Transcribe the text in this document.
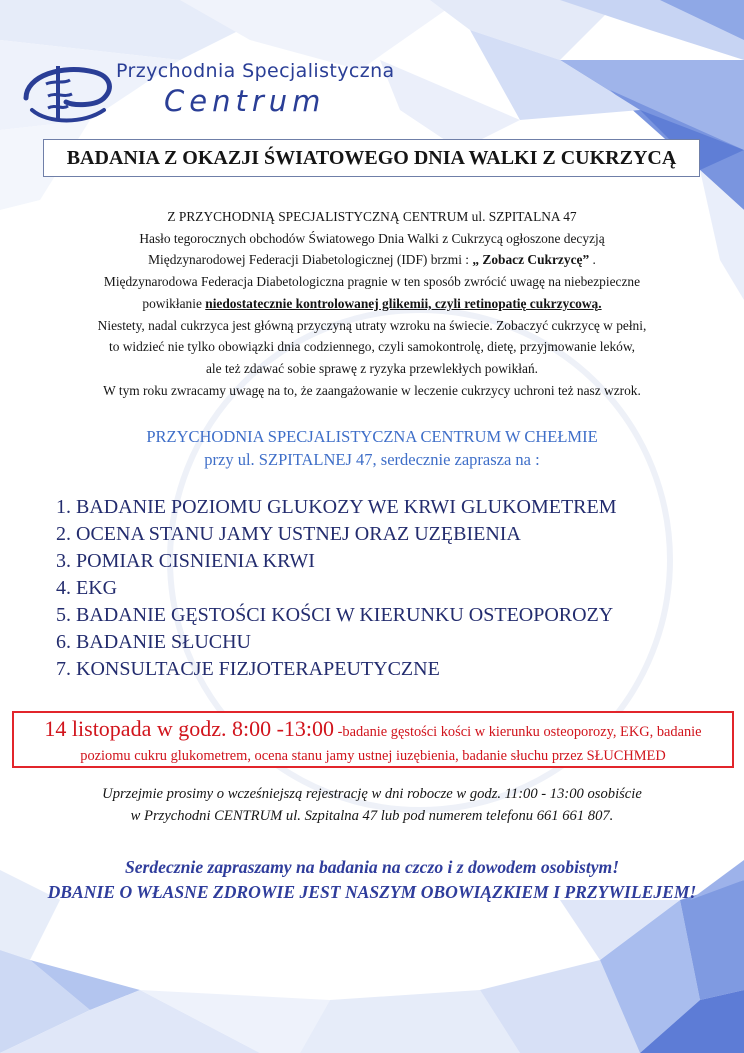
Przychodnia Specjalistyczna
Centrum
BADANIA Z OKAZJI ŚWIATOWEGO DNIA WALKI Z CUKRZYCĄ
Z PRZYCHODNIĄ SPECJALISTYCZNĄ CENTRUM ul. SZPITALNA 47
Hasło tegorocznych obchodów Światowego Dnia Walki z Cukrzycą ogłoszone decyzją
Międzynarodowej Federacji Diabetologicznej (IDF) brzmi : „ Zobacz Cukrzycę” .
Międzynarodowa Federacja Diabetologiczna pragnie w ten sposób zwrócić uwagę na niebezpieczne
powikłanie niedostatecznie kontrolowanej glikemii, czyli retinopatię cukrzycową.
Niestety, nadal cukrzyca jest główną przyczyną utraty wzroku na świecie. Zobaczyć cukrzycę w pełni,
to widzieć nie tylko obowiązki dnia codziennego, czyli samokontrolę, dietę, przyjmowanie leków,
ale też zdawać sobie sprawę z ryzyka przewlekłych powikłań.
W tym roku zwracamy uwagę na to, że zaangażowanie w leczenie cukrzycy uchroni też nasz wzrok.
PRZYCHODNIA SPECJALISTYCZNA CENTRUM W CHEŁMIE
przy ul. SZPITALNEJ 47, serdecznie zaprasza na :
1. BADANIE POZIOMU GLUKOZY WE KRWI GLUKOMETREM
2. OCENA STANU JAMY USTNEJ ORAZ UZĘBIENIA
3. POMIAR CISNIENIA KRWI
4. EKG
5. BADANIE GĘSTOŚCI KOŚCI W KIERUNKU OSTEOPOROZY
6. BADANIE SŁUCHU
7. KONSULTACJE FIZJOTERAPEUTYCZNE
14 listopada w godz. 8:00 -13:00 -badanie gęstości kości w kierunku osteoporozy, EKG, badanie
poziomu cukru glukometrem, ocena stanu jamy ustnej iuzębienia, badanie słuchu przez SŁUCHMED
Uprzejmie prosimy o wcześniejszą rejestrację w dni robocze w godz. 11:00 - 13:00 osobiście
w Przychodni CENTRUM ul. Szpitalna 47 lub pod numerem telefonu 661 661 807.
Serdecznie zapraszamy na badania na czczo i z dowodem osobistym!
DBANIE O WŁASNE ZDROWIE JEST NASZYM OBOWIĄZKIEM I PRZYWILEJEM!
